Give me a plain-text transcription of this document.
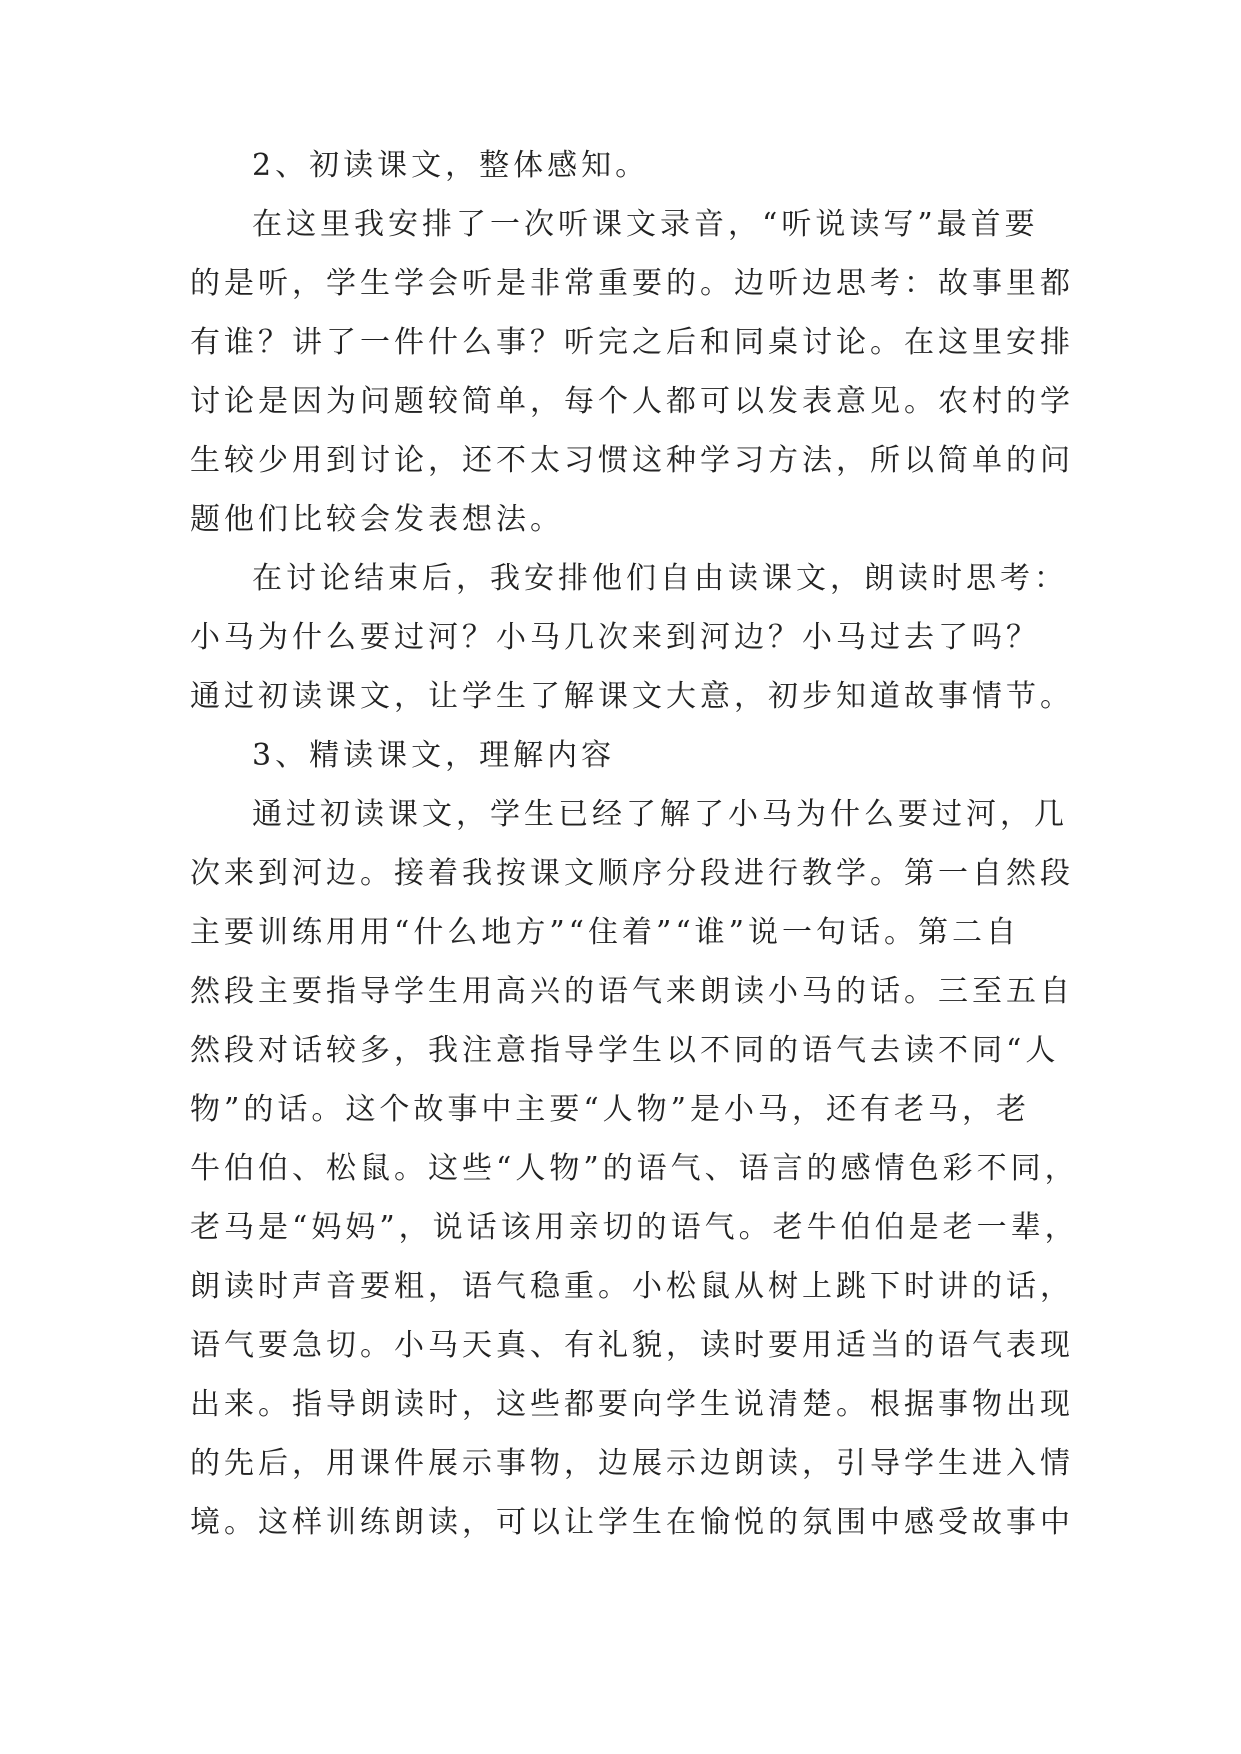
2、初读课文，整体感知。
在这里我安排了一次听课文录音，“听说读写”最首要
的是听，学生学会听是非常重要的。边听边思考：故事里都
有谁？讲了一件什么事？听完之后和同桌讨论。在这里安排
讨论是因为问题较简单，每个人都可以发表意见。农村的学
生较少用到讨论，还不太习惯这种学习方法，所以简单的问
题他们比较会发表想法。
在讨论结束后，我安排他们自由读课文，朗读时思考：
小马为什么要过河？小马几次来到河边？小马过去了吗？
通过初读课文，让学生了解课文大意，初步知道故事情节。
3、精读课文，理解内容
通过初读课文，学生已经了解了小马为什么要过河，几
次来到河边。接着我按课文顺序分段进行教学。第一自然段
主要训练用用“什么地方”“住着”“谁”说一句话。第二自
然段主要指导学生用高兴的语气来朗读小马的话。三至五自
然段对话较多，我注意指导学生以不同的语气去读不同“人
物”的话。这个故事中主要“人物”是小马，还有老马，老
牛伯伯、松鼠。这些“人物”的语气、语言的感情色彩不同，
老马是“妈妈”，说话该用亲切的语气。老牛伯伯是老一辈，
朗读时声音要粗，语气稳重。小松鼠从树上跳下时讲的话，
语气要急切。小马天真、有礼貌，读时要用适当的语气表现
出来。指导朗读时，这些都要向学生说清楚。根据事物出现
的先后，用课件展示事物，边展示边朗读，引导学生进入情
境。这样训练朗读，可以让学生在愉悦的氛围中感受故事中
